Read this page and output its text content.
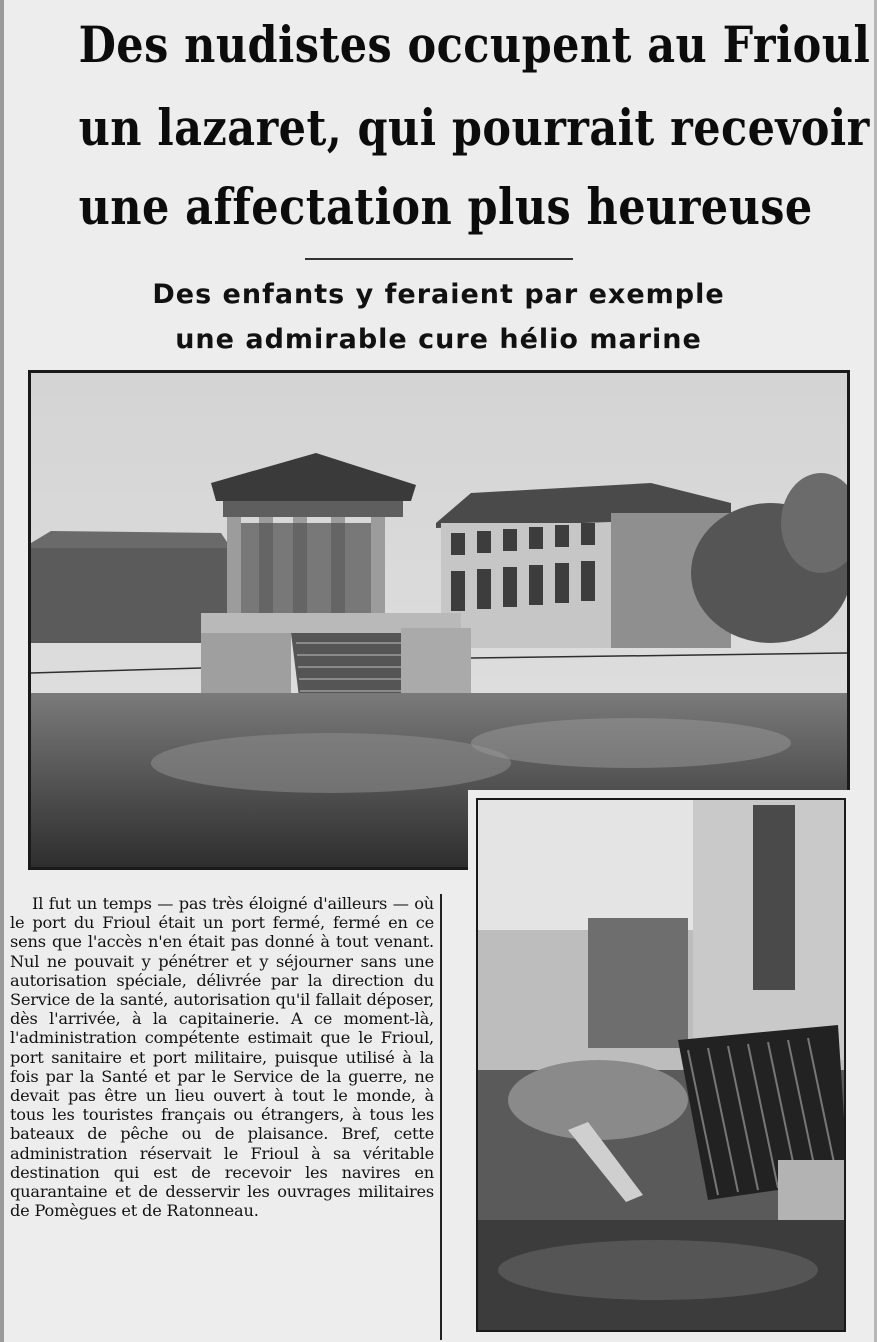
Des nudistes occupent au Frioul
un lazaret, qui pourrait recevoir
une affectation plus heureuse
Des enfants y feraient par exemple
une admirable cure hélio marine

Il fut un temps — pas très éloigné d'ailleurs — où le port du Frioul était un port fermé, fermé en ce sens que l'accès n'en était pas donné à tout venant. Nul ne pouvait y pénétrer et y séjourner sans une autorisation spéciale, délivrée par la direction du Service de la santé, autorisation qu'il fallait déposer, dès l'arrivée, à la capitainerie. A ce moment-là, l'administration compétente estimait que le Frioul, port sanitaire et port militaire, puisque utilisé à la fois par la Santé et par le Service de la guerre, ne devait pas être un lieu ouvert à tout le monde, à tous les touristes français ou étrangers, à tous les bateaux de pêche ou de plaisance. Bref, cette administration réservait le Frioul à sa véritable destination qui est de recevoir les navires en quarantaine et de desservir les ouvrages militaires de Pomègues et de Ratonneau.
